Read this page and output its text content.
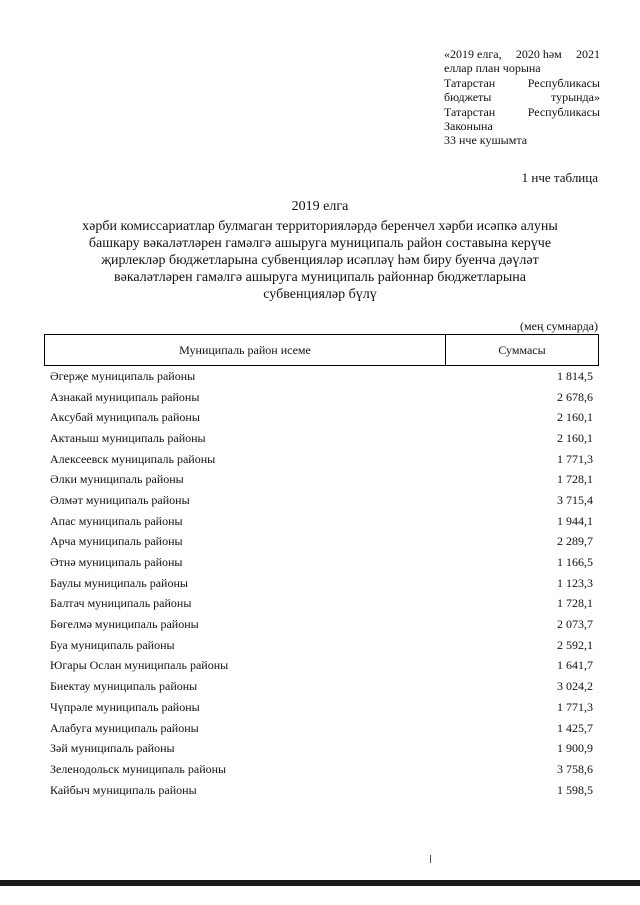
«2019 елга, 2020 һәм 2021
еллар план чорына
Татарстан	Республикасы
бюджеты	турында»
Татарстан	Республикасы
Законына
33 нче кушымта
1 нче таблица
2019 елга
хәрби комиссариатлар булмаган территорияләрдә беренчел хәрби исәпкә алуны
башкару вәкаләтләрен гамәлгә ашыруга муниципаль район составына керүче
җирлекләр бюджетларына субвенцияләр исәпләү һәм биру буенча дәүләт
вәкаләтләрен гамәлгә ашыруга муниципаль районнар бюджетларына
субвенцияләр бүлү
(мең сумнарда)
Муниципаль район исеме	Суммасы
Әгерҗе муниципаль районы	1 814,5
Азнакай муниципаль районы	2 678,6
Аксубай муниципаль районы	2 160,1
Актаныш муниципаль районы	2 160,1
Алексеевск муниципаль районы	1 771,3
Әлки муниципаль районы	1 728,1
Әлмәт муниципаль районы	3 715,4
Апас муниципаль районы	1 944,1
Арча муниципаль районы	2 289,7
Әтнә муниципаль районы	1 166,5
Баулы муниципаль районы	1 123,3
Балтач муниципаль районы	1 728,1
Бөгелмә муниципаль районы	2 073,7
Буа муниципаль районы	2 592,1
Югары Ослан муниципаль районы	1 641,7
Биектау муниципаль районы	3 024,2
Чүпрәле муниципаль районы	1 771,3
Алабуга муниципаль районы	1 425,7
Зәй муниципаль районы	1 900,9
Зеленодольск муниципаль районы	3 758,6
Кайбыч муниципаль районы	1 598,5
